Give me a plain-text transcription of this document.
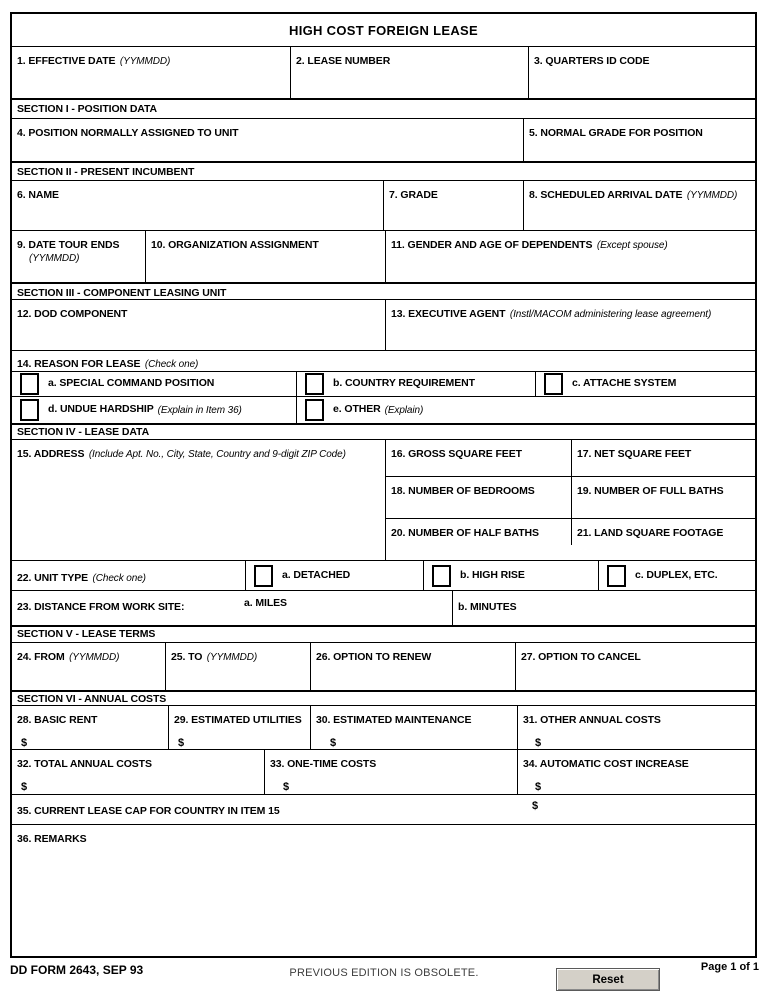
HIGH COST FOREIGN LEASE
1. EFFECTIVE DATE (YYMMDD)	2. LEASE NUMBER	3. QUARTERS ID CODE
SECTION I - POSITION DATA
4. POSITION NORMALLY ASSIGNED TO UNIT	5. NORMAL GRADE FOR POSITION
SECTION II - PRESENT INCUMBENT
6. NAME	7. GRADE	8. SCHEDULED ARRIVAL DATE (YYMMDD)
9. DATE TOUR ENDS
(YYMMDD)
10. ORGANIZATION ASSIGNMENT	11. GENDER AND AGE OF DEPENDENTS (Except spouse)
SECTION III - COMPONENT LEASING UNIT
12. DOD COMPONENT	13. EXECUTIVE AGENT (Instl/MACOM administering lease agreement)
14. REASON FOR LEASE (Check one)
a. SPECIAL COMMAND POSITION	b. COUNTRY REQUIREMENT	c. ATTACHE SYSTEM
d. UNDUE HARDSHIP (Explain in Item 36)	e. OTHER (Explain)
SECTION IV - LEASE DATA
15. ADDRESS (Include Apt. No., City, State, Country and 9-digit ZIP Code)	16. GROSS SQUARE FEET	17. NET SQUARE FEET
18. NUMBER OF BEDROOMS	19. NUMBER OF FULL BATHS
20. NUMBER OF HALF BATHS	21. LAND SQUARE FOOTAGE
22. UNIT TYPE (Check one)	a. DETACHED	b. HIGH RISE	c. DUPLEX, ETC.
23. DISTANCE FROM WORK SITE:	a. MILES	b. MINUTES
SECTION V - LEASE TERMS
24. FROM (YYMMDD)	25. TO (YYMMDD)	26. OPTION TO RENEW	27. OPTION TO CANCEL
SECTION VI - ANNUAL COSTS
28. BASIC RENT
$
29. ESTIMATED UTILITIES
$
30. ESTIMATED MAINTENANCE
$
31. OTHER ANNUAL COSTS
$
32. TOTAL ANNUAL COSTS
$
33. ONE-TIME COSTS
$
34. AUTOMATIC COST INCREASE
$
35. CURRENT LEASE CAP FOR COUNTRY IN ITEM 15	$
36. REMARKS
DD FORM 2643, SEP 93	PREVIOUS EDITION IS OBSOLETE.
Reset
Page 1 of 1
